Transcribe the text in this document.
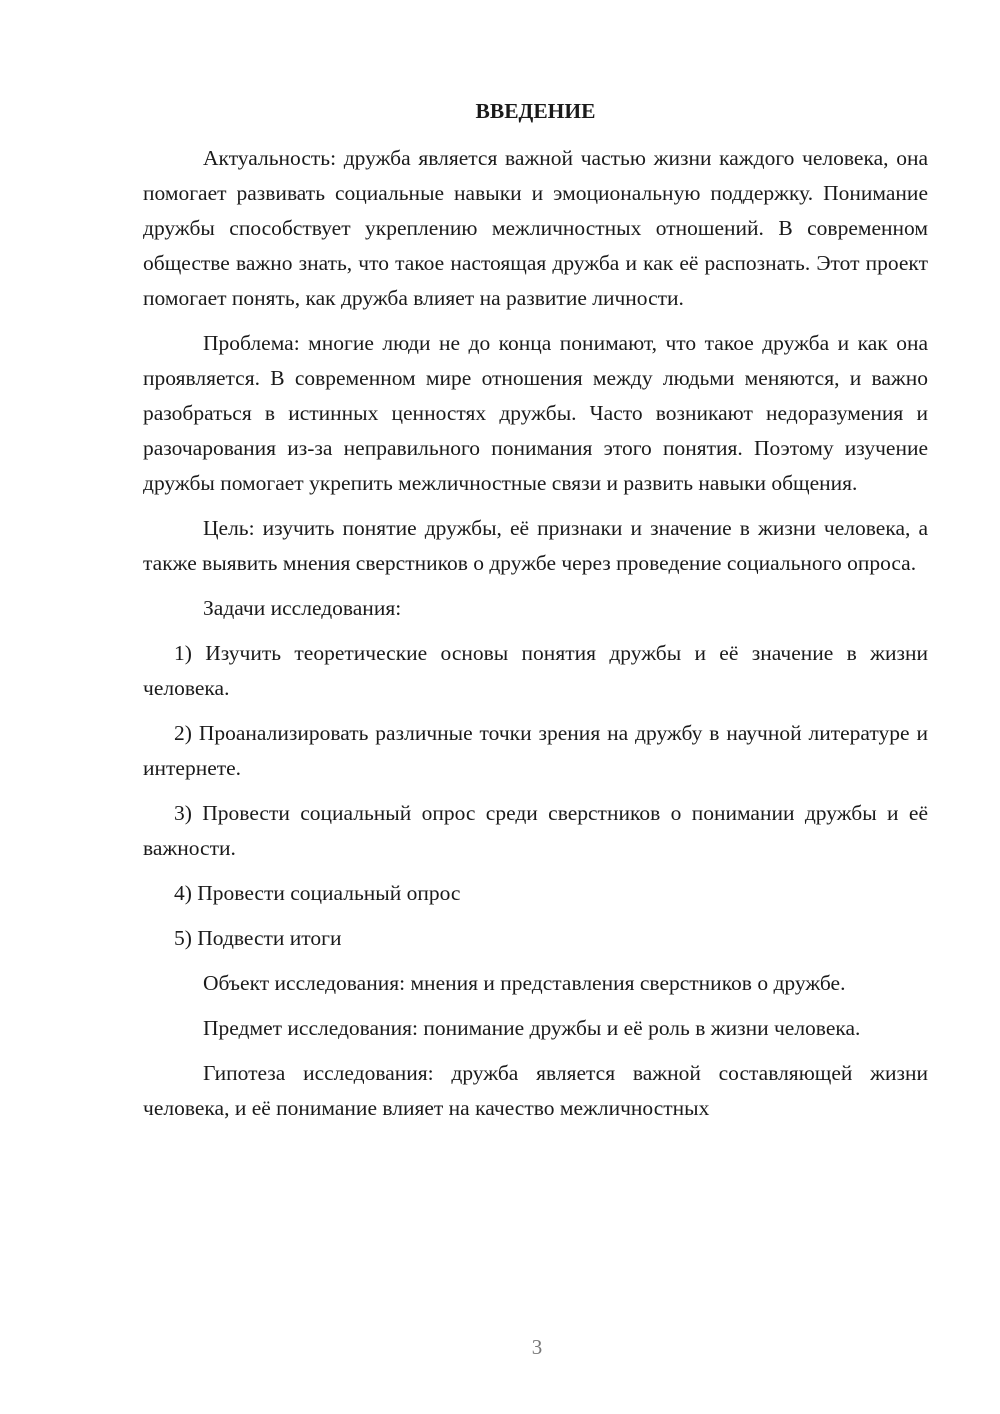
ВВЕДЕНИЕ

Актуальность: дружба является важной частью жизни каждого человека, она помогает развивать социальные навыки и эмоциональную поддержку. Понимание дружбы способствует укреплению межличностных отношений. В современном обществе важно знать, что такое настоящая дружба и как её распознать. Этот проект помогает понять, как дружба влияет на развитие личности.

Проблема: многие люди не до конца понимают, что такое дружба и как она проявляется. В современном мире отношения между людьми меняются, и важно разобраться в истинных ценностях дружбы. Часто возникают недоразумения и разочарования из-за неправильного понимания этого понятия. Поэтому изучение дружбы помогает укрепить межличностные связи и развить навыки общения.

Цель: изучить понятие дружбы, её признаки и значение в жизни человека, а также выявить мнения сверстников о дружбе через проведение социального опроса.

Задачи исследования:

1) Изучить теоретические основы понятия дружбы и её значение в жизни человека.

2) Проанализировать различные точки зрения на дружбу в научной литературе и интернете.

3) Провести социальный опрос среди сверстников о понимании дружбы и её важности.

4) Провести социальный опрос

5) Подвести итоги

Объект исследования: мнения и представления сверстников о дружбе.

Предмет исследования: понимание дружбы и её роль в жизни человека.

Гипотеза исследования: дружба является важной составляющей жизни человека, и её понимание влияет на качество межличностных

3
